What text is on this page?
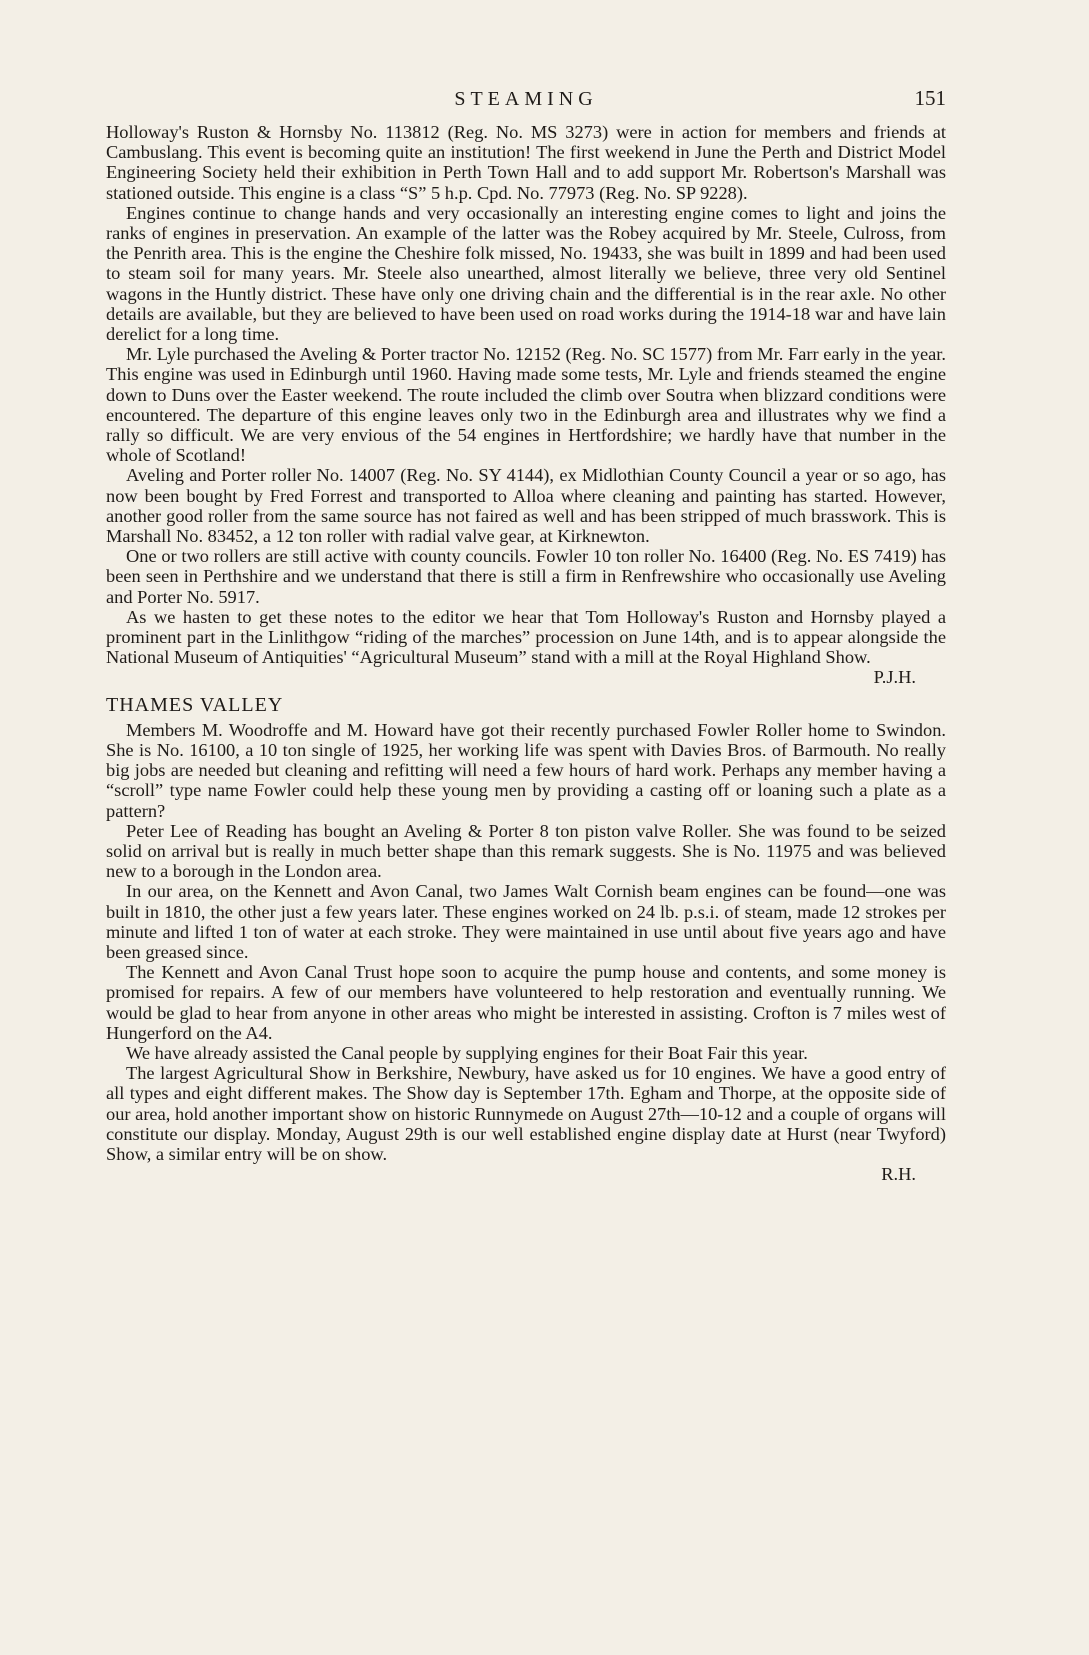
STEAMING	151

Holloway's Ruston & Hornsby No. 113812 (Reg. No. MS 3273) were in action for members and friends at Cambuslang. This event is becoming quite an institution! The first weekend in June the Perth and District Model Engineering Society held their exhibition in Perth Town Hall and to add support Mr. Robertson's Marshall was stationed outside. This engine is a class “S” 5 h.p. Cpd. No. 77973 (Reg. No. SP 9228).

Engines continue to change hands and very occasionally an interesting engine comes to light and joins the ranks of engines in preservation. An example of the latter was the Robey acquired by Mr. Steele, Culross, from the Penrith area. This is the engine the Cheshire folk missed, No. 19433, she was built in 1899 and had been used to steam soil for many years. Mr. Steele also unearthed, almost literally we believe, three very old Sentinel wagons in the Huntly district. These have only one driving chain and the differential is in the rear axle. No other details are available, but they are believed to have been used on road works during the 1914-18 war and have lain derelict for a long time.

Mr. Lyle purchased the Aveling & Porter tractor No. 12152 (Reg. No. SC 1577) from Mr. Farr early in the year. This engine was used in Edinburgh until 1960. Having made some tests, Mr. Lyle and friends steamed the engine down to Duns over the Easter weekend. The route included the climb over Soutra when blizzard conditions were encountered. The departure of this engine leaves only two in the Edinburgh area and illustrates why we find a rally so difficult. We are very envious of the 54 engines in Hertfordshire; we hardly have that number in the whole of Scotland!

Aveling and Porter roller No. 14007 (Reg. No. SY 4144), ex Midlothian County Council a year or so ago, has now been bought by Fred Forrest and transported to Alloa where cleaning and painting has started. However, another good roller from the same source has not faired as well and has been stripped of much brasswork. This is Marshall No. 83452, a 12 ton roller with radial valve gear, at Kirknewton.

One or two rollers are still active with county councils. Fowler 10 ton roller No. 16400 (Reg. No. ES 7419) has been seen in Perthshire and we understand that there is still a firm in Renfrewshire who occasionally use Aveling and Porter No. 5917.

As we hasten to get these notes to the editor we hear that Tom Holloway's Ruston and Hornsby played a prominent part in the Linlithgow “riding of the marches” procession on June 14th, and is to appear alongside the National Museum of Antiquities' “Agricultural Museum” stand with a mill at the Royal Highland Show.

P.J.H.
THAMES VALLEY

Members M. Woodroffe and M. Howard have got their recently purchased Fowler Roller home to Swindon. She is No. 16100, a 10 ton single of 1925, her working life was spent with Davies Bros. of Barmouth. No really big jobs are needed but cleaning and refitting will need a few hours of hard work. Perhaps any member having a “scroll” type name Fowler could help these young men by providing a casting off or loaning such a plate as a pattern?

Peter Lee of Reading has bought an Aveling & Porter 8 ton piston valve Roller. She was found to be seized solid on arrival but is really in much better shape than this remark suggests. She is No. 11975 and was believed new to a borough in the London area.

In our area, on the Kennett and Avon Canal, two James Walt Cornish beam engines can be found—one was built in 1810, the other just a few years later. These engines worked on 24 lb. p.s.i. of steam, made 12 strokes per minute and lifted 1 ton of water at each stroke. They were maintained in use until about five years ago and have been greased since.

The Kennett and Avon Canal Trust hope soon to acquire the pump house and contents, and some money is promised for repairs. A few of our members have volunteered to help restoration and eventually running. We would be glad to hear from anyone in other areas who might be interested in assisting. Crofton is 7 miles west of Hungerford on the A4.

We have already assisted the Canal people by supplying engines for their Boat Fair this year.

The largest Agricultural Show in Berkshire, Newbury, have asked us for 10 engines. We have a good entry of all types and eight different makes. The Show day is September 17th. Egham and Thorpe, at the opposite side of our area, hold another important show on historic Runnymede on August 27th—10-12 and a couple of organs will constitute our display. Monday, August 29th is our well established engine display date at Hurst (near Twyford) Show, a similar entry will be on show.

R.H.
